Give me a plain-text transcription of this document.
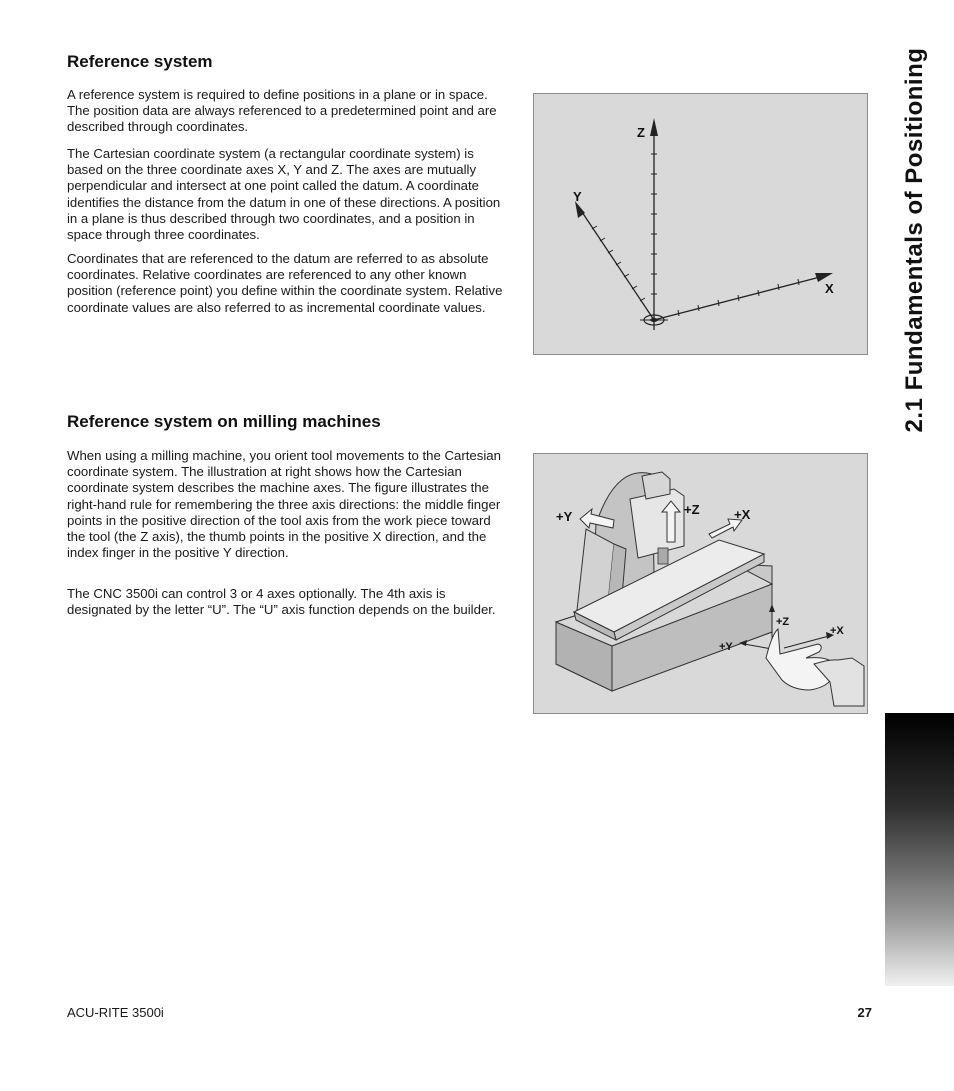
Reference system

A reference system is required to define positions in a plane or in space. The position data are always referenced to a predetermined point and are described through coordinates.

The Cartesian coordinate system (a rectangular coordinate system) is based on the three coordinate axes X, Y and Z. The axes are mutually perpendicular and intersect at one point called the datum. A coordinate identifies the distance from the datum in one of these directions. A position in a plane is thus described through two coordinates, and a position in space through three coordinates.

Coordinates that are referenced to the datum are referred to as absolute coordinates. Relative coordinates are referenced to any other known position (reference point) you define within the coordinate system. Relative coordinate values are also referred to as incremental coordinate values.

Z
Y
X
Reference system on milling machines

When using a milling machine, you orient tool movements to the Cartesian coordinate system. The illustration at right shows how the Cartesian coordinate system describes the machine axes. The figure illustrates the right-hand rule for remembering the three axis directions: the middle finger points in the positive direction of the tool axis from the work piece toward the tool (the Z axis), the thumb points in the positive X direction, and the index finger in the positive Y direction.

The CNC 3500i can control 3 or 4 axes optionally. The 4th axis is designated by the letter “U”. The “U” axis function depends on the builder.

+Y	+Z	+X
+Z
+X
+Y
2.1 Fundamentals of Positioning
ACU-RITE 3500i	27
